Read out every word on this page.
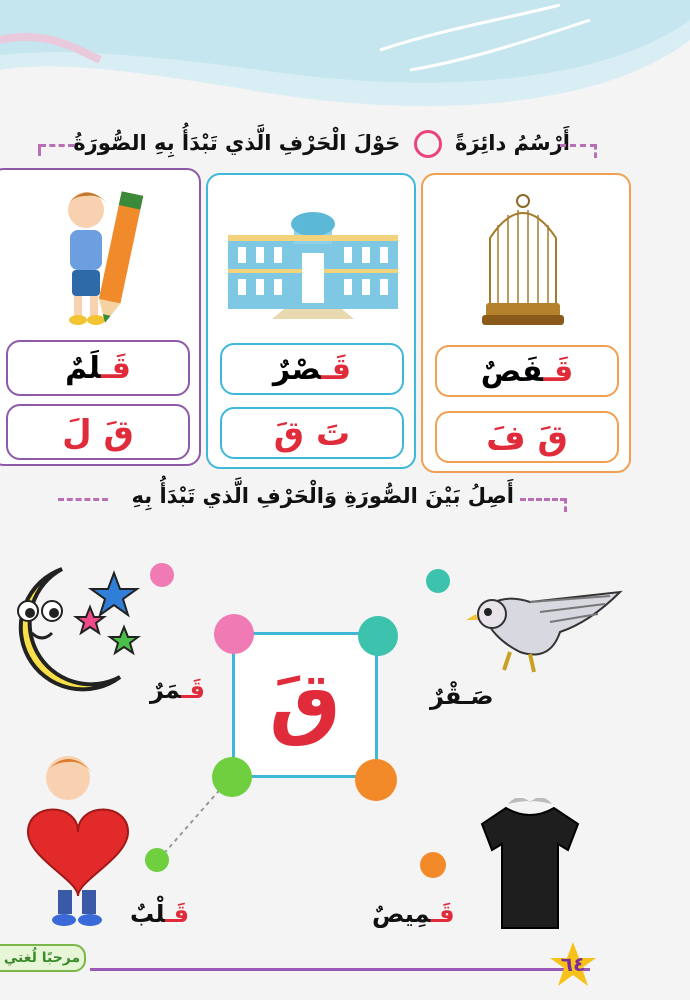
أَرْسُمُ دائِرَةً  حَوْلَ الْحَرْفِ الَّذي تَبْدَأُ بِهِ الصُّورَةُ
قَـفَصٌ
قَ فَ
قَـصْرٌ
تَ قَ
قَـلَمٌ
قَ لَ
أَصِلُ بَيْنَ الصُّورَةِ وَالْحَرْفِ الَّذي تَبْدَأُ بِهِ
قَ
قَـمَرٌ	صَـقْرٌ
قَـلْبٌ	قَـمِيصٌ
مرحبًا لُغتي	٦٤
